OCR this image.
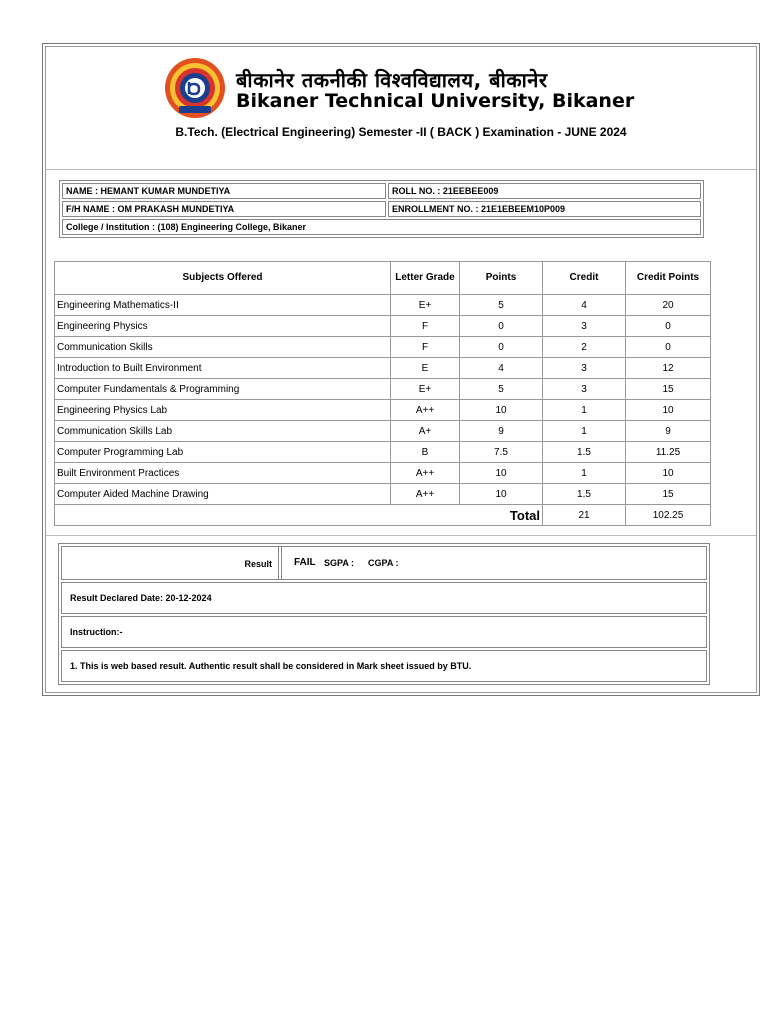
बीकानेर तकनीकी विश्वविद्यालय, बीकानेर
Bikaner Technical University, Bikaner
B.Tech. (Electrical Engineering) Semester -II ( BACK ) Examination - JUNE 2024
NAME : HEMANT KUMAR MUNDETIYA	ROLL NO. : 21EEBEE009
F/H NAME : OM PRAKASH MUNDETIYA	ENROLLMENT NO. : 21E1EBEEM10P009
College / Institution : (108) Engineering College, Bikaner	
Subjects Offered	Letter Grade	Points	Credit	Credit Points
Engineering Mathematics-II	E+	5	4	20
Engineering Physics	F	0	3	0
Communication Skills	F	0	2	0
Introduction to Built Environment	E	4	3	12
Computer Fundamentals & Programming	E+	5	3	15
Engineering Physics Lab	A++	10	1	10
Communication Skills Lab	A+	9	1	9
Computer Programming Lab	B	7.5	1.5	11.25
Built Environment Practices	A++	10	1	10
Computer Aided Machine Drawing	A++	10	1.5	15
Total			21	102.25
Result FAIL SGPA : CGPA :
Result Declared Date: 20-12-2024
Instruction:-
1. This is web based result. Authentic result shall be considered in Mark sheet issued by BTU.
